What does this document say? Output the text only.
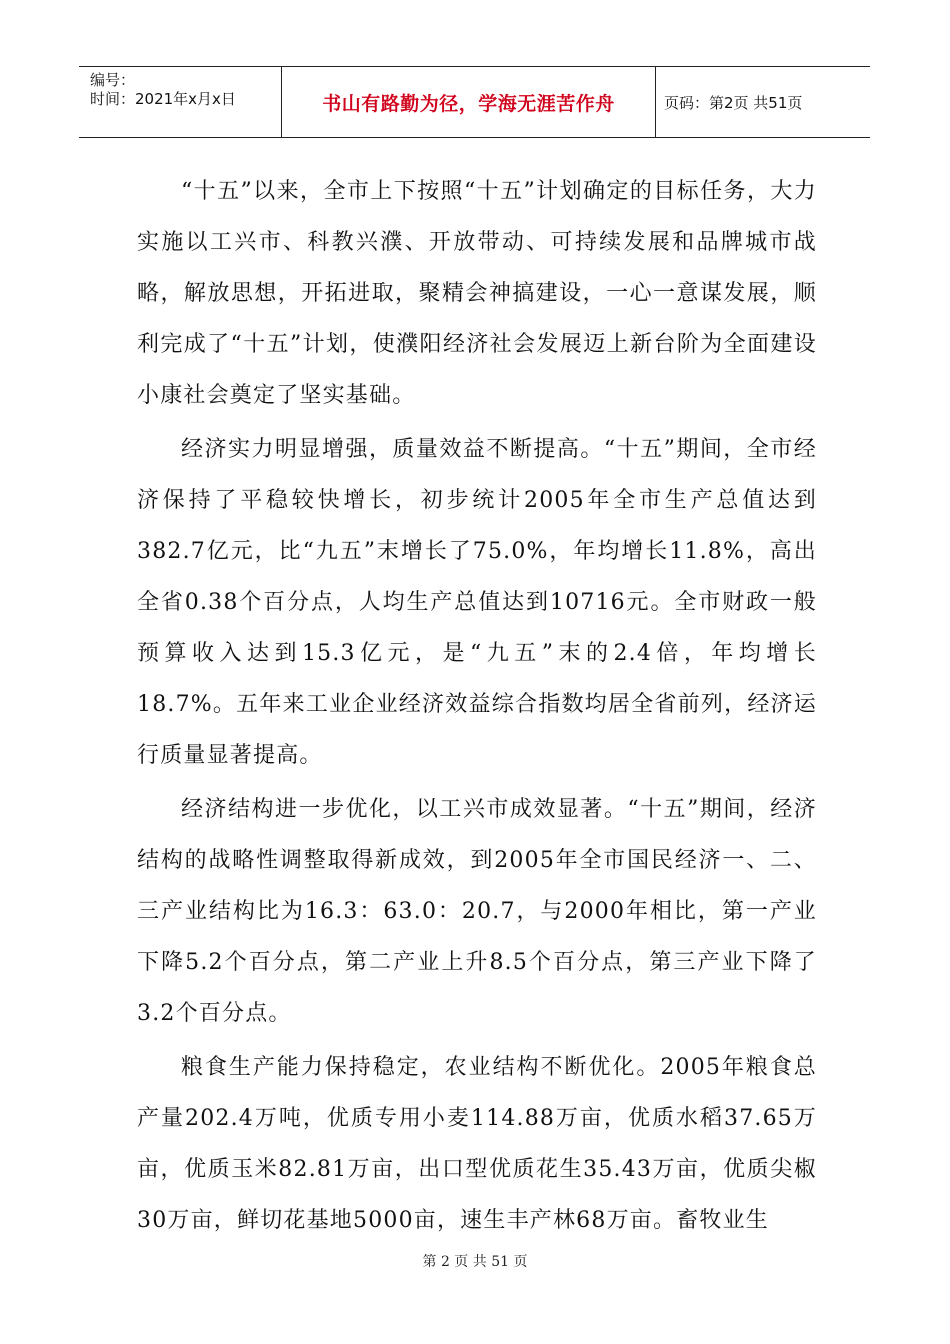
编号：
时间：2021年x月x日	书山有路勤为径，学海无涯苦作舟	页码：第2页 共51页

“十五”以来，全市上下按照“十五”计划确定的目标任务，大力实施以工兴市、科教兴濮、开放带动、可持续发展和品牌城市战略，解放思想，开拓进取，聚精会神搞建设，一心一意谋发展，顺利完成了“十五”计划，使濮阳经济社会发展迈上新台阶为全面建设小康社会奠定了坚实基础。

经济实力明显增强，质量效益不断提高。“十五”期间，全市经济保持了平稳较快增长，初步统计2005年全市生产总值达到382.7亿元，比“九五”末增长了75.0%，年均增长11.8%，高出全省0.38个百分点，人均生产总值达到10716元。全市财政一般预算收入达到15.3亿元，是“九五”末的2.4倍，年均增长18.7%。五年来工业企业经济效益综合指数均居全省前列，经济运行质量显著提高。

经济结构进一步优化，以工兴市成效显著。“十五”期间，经济结构的战略性调整取得新成效，到2005年全市国民经济一、二、三产业结构比为16.3：63.0：20.7，与2000年相比，第一产业下降5.2个百分点，第二产业上升8.5个百分点，第三产业下降了3.2个百分点。

粮食生产能力保持稳定，农业结构不断优化。2005年粮食总产量202.4万吨，优质专用小麦114.88万亩，优质水稻37.65万亩，优质玉米82.81万亩，出口型优质花生35.43万亩，优质尖椒30万亩，鲜切花基地5000亩，速生丰产林68万亩。畜牧业生

第 2 页 共 51 页
